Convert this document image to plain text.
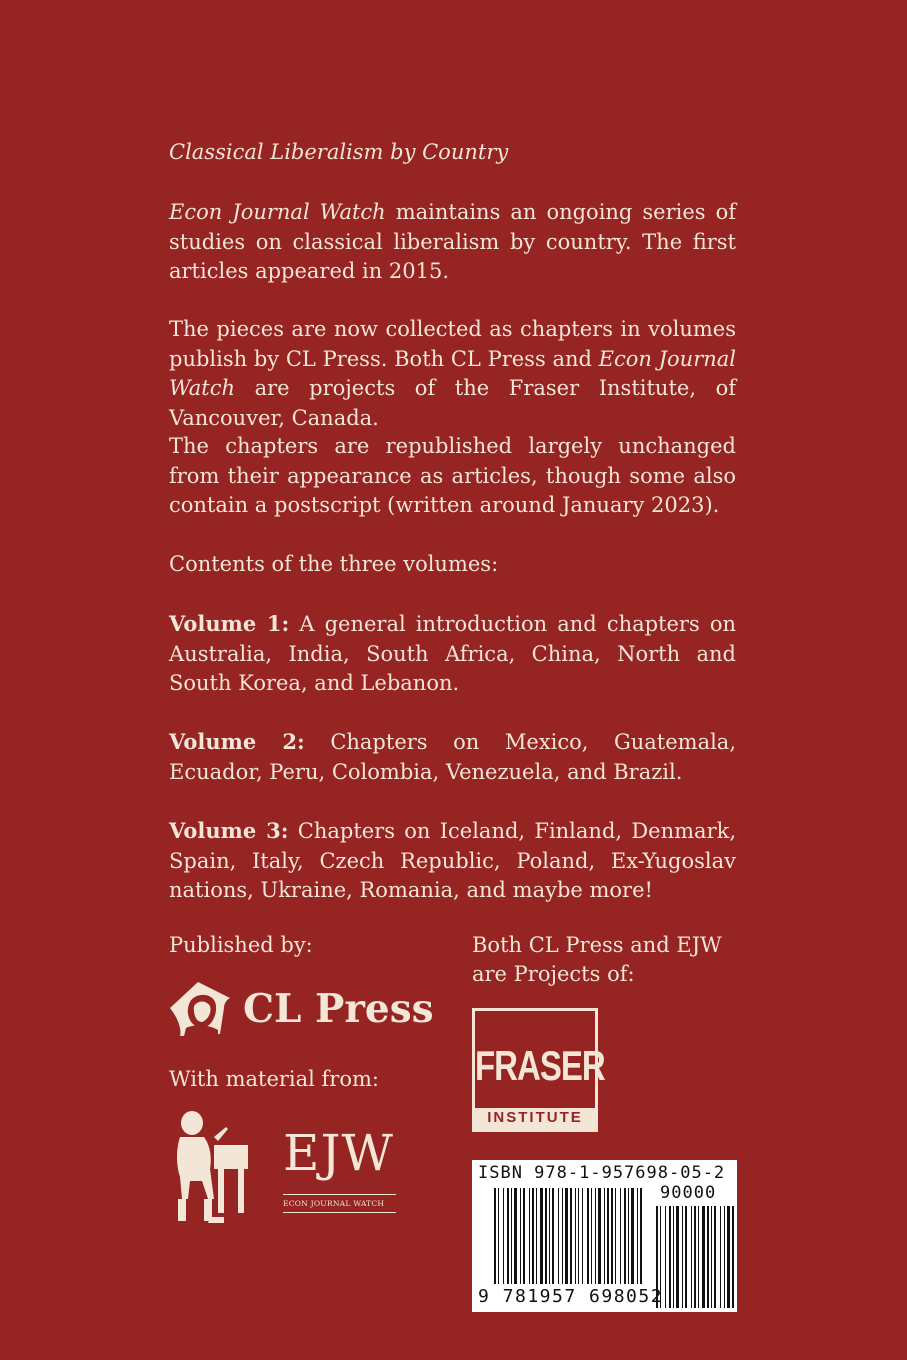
Classical Liberalism by Country
Econ Journal Watch maintains an ongoing series of studies on classical liberalism by country. The first articles appeared in 2015.
The pieces are now collected as chapters in volumes publish by CL Press. Both CL Press and Econ Journal Watch are projects of the Fraser Institute, of Vancouver, Canada.
The chapters are republished largely unchanged from their appearance as articles, though some also contain a postscript (written around January 2023).
Contents of the three volumes:
Volume 1: A general introduction and chapters on Australia, India, South Africa, China, North and South Korea, and Lebanon.
Volume 2: Chapters on Mexico, Guatemala, Ecuador, Peru, Colombia, Venezuela, and Brazil.
Volume 3: Chapters on Iceland, Finland, Denmark, Spain, Italy, Czech Republic, Poland, Ex-Yugoslav nations, Ukraine, Romania, and maybe more!
Published by:
CL Press
With material from:
EJW
ECON JOURNAL WATCH
Both CL Press and EJW
are Projects of:
FRASER
INSTITUTE
ISBN 978-1-957698-05-2
90000
9 781957 698052
